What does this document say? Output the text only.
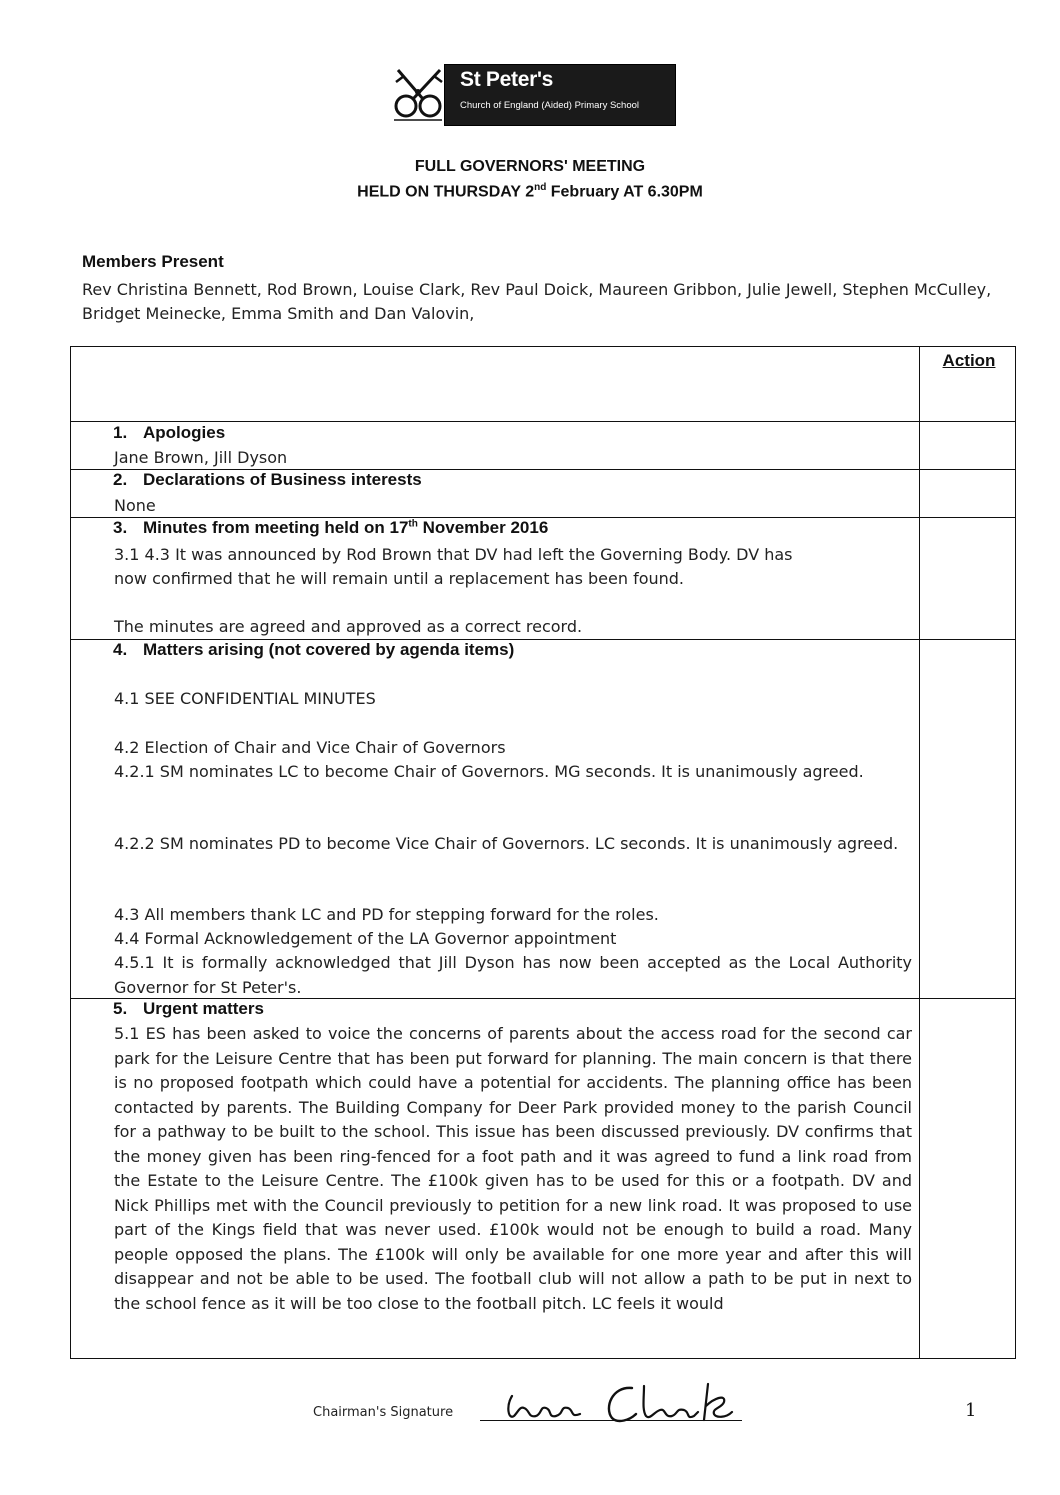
St Peter's
Church of England (Aided) Primary School
FULL GOVERNORS' MEETING
HELD ON THURSDAY 2nd February AT 6.30PM
Members Present
Rev Christina Bennett, Rod Brown, Louise Clark, Rev Paul Doick, Maureen Gribbon, Julie Jewell, Stephen McCulley, Bridget Meinecke, Emma Smith and Dan Valovin,
Action
1. Apologies
Jane Brown, Jill Dyson
2. Declarations of Business interests
None
3. Minutes from meeting held on 17th November 2016
3.1 4.3 It was announced by Rod Brown that DV had left the Governing Body. DV has
now confirmed that he will remain until a replacement has been found.
The minutes are agreed and approved as a correct record.
4. Matters arising (not covered by agenda items)
4.1 SEE CONFIDENTIAL MINUTES
4.2 Election of Chair and Vice Chair of Governors
4.2.1 SM nominates LC to become Chair of Governors. MG seconds. It is unanimously agreed.
4.2.2 SM nominates PD to become Vice Chair of Governors. LC seconds. It is unanimously agreed.
4.3 All members thank LC and PD for stepping forward for the roles.
4.4 Formal Acknowledgement of the LA Governor appointment
4.5.1 It is formally acknowledged that Jill Dyson has now been accepted as the Local Authority Governor for St Peter's.
5. Urgent matters
5.1 ES has been asked to voice the concerns of parents about the access road for the second car park for the Leisure Centre that has been put forward for planning. The main concern is that there is no proposed footpath which could have a potential for accidents. The planning office has been contacted by parents. The Building Company for Deer Park provided money to the parish Council for a pathway to be built to the school. This issue has been discussed previously. DV confirms that the money given has been ring-fenced for a foot path and it was agreed to fund a link road from the Estate to the Leisure Centre. The £100k given has to be used for this or a footpath. DV and Nick Phillips met with the Council previously to petition for a new link road. It was proposed to use part of the Kings field that was never used. £100k would not be enough to build a road. Many people opposed the plans. The £100k will only be available for one more year and after this will disappear and not be able to be used. The football club will not allow a path to be put in next to the school fence as it will be too close to the football pitch. LC feels it would
Chairman's Signature	1
